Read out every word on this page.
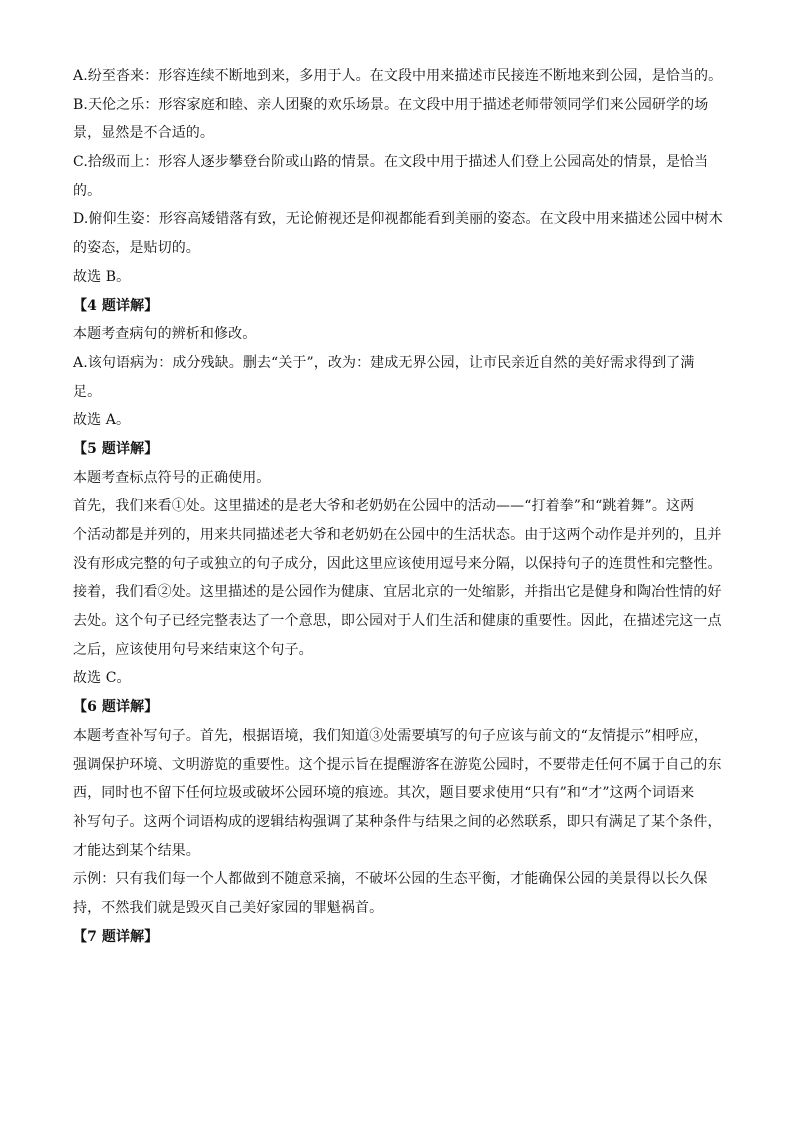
A.纷至沓来：形容连续不断地到来，多用于人。在文段中用来描述市民接连不断地来到公园，是恰当的。
B.天伦之乐：形容家庭和睦、亲人团聚的欢乐场景。在文段中用于描述老师带领同学们来公园研学的场
景，显然是不合适的。
C.拾级而上：形容人逐步攀登台阶或山路的情景。在文段中用于描述人们登上公园高处的情景，是恰当
的。
D.俯仰生姿：形容高矮错落有致，无论俯视还是仰视都能看到美丽的姿态。在文段中用来描述公园中树木
的姿态，是贴切的。
故选 B。
【4 题详解】
本题考查病句的辨析和修改。
A.该句语病为：成分残缺。删去“关于”，改为：建成无界公园，让市民亲近自然的美好需求得到了满
足。
故选 A。
【5 题详解】
本题考查标点符号的正确使用。
首先，我们来看①处。这里描述的是老大爷和老奶奶在公园中的活动——“打着拳”和“跳着舞”。这两
个活动都是并列的，用来共同描述老大爷和老奶奶在公园中的生活状态。由于这两个动作是并列的，且并
没有形成完整的句子或独立的句子成分，因此这里应该使用逗号来分隔，以保持句子的连贯性和完整性。
接着，我们看②处。这里描述的是公园作为健康、宜居北京的一处缩影，并指出它是健身和陶冶性情的好
去处。这个句子已经完整表达了一个意思，即公园对于人们生活和健康的重要性。因此，在描述完这一点
之后，应该使用句号来结束这个句子。
故选 C。
【6 题详解】
本题考查补写句子。首先，根据语境，我们知道③处需要填写的句子应该与前文的“友情提示”相呼应，
强调保护环境、文明游览的重要性。这个提示旨在提醒游客在游览公园时，不要带走任何不属于自己的东
西，同时也不留下任何垃圾或破坏公园环境的痕迹。其次，题目要求使用“只有”和“才”这两个词语来
补写句子。这两个词语构成的逻辑结构强调了某种条件与结果之间的必然联系，即只有满足了某个条件，
才能达到某个结果。
示例：只有我们每一个人都做到不随意采摘，不破坏公园的生态平衡，才能确保公园的美景得以长久保
持，不然我们就是毁灭自己美好家园的罪魁祸首。
【7 题详解】
